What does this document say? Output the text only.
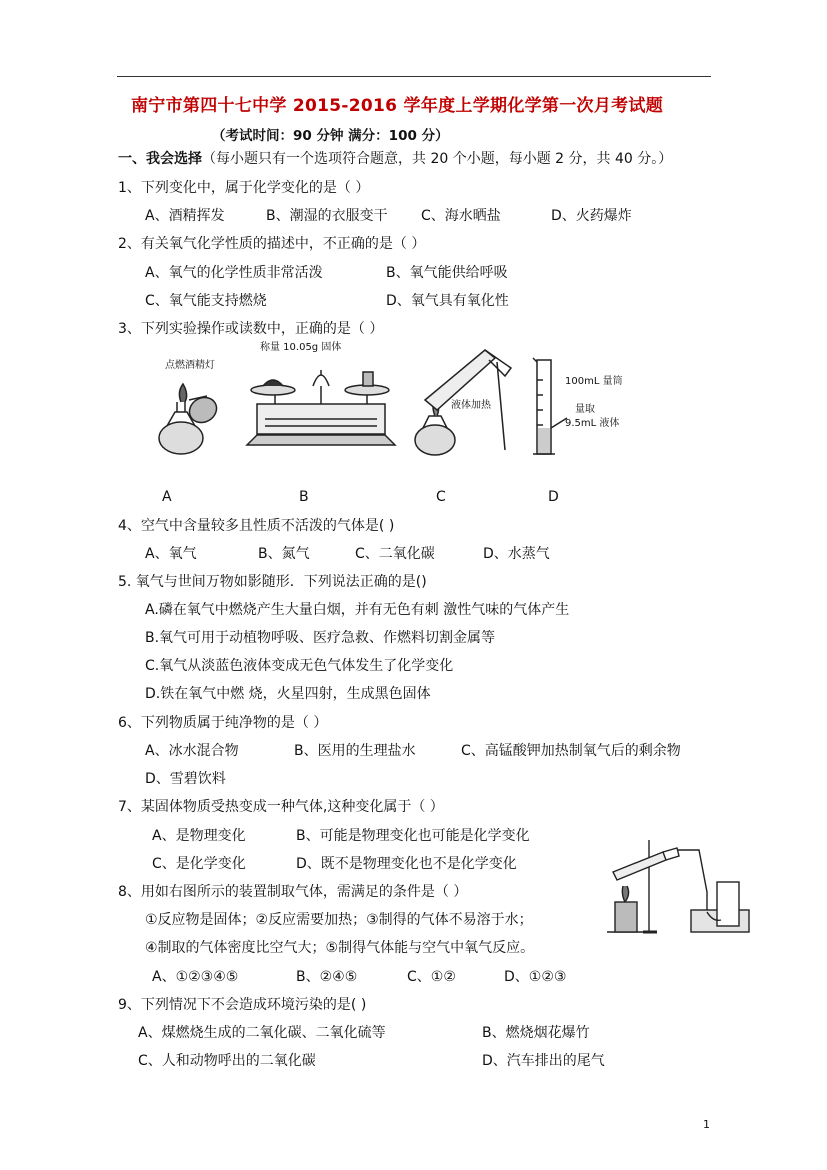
南宁市第四十七中学 2015-2016 学年度上学期化学第一次月考试题
（考试时间：90 分钟 满分：100 分）
一、我会选择（每小题只有一个选项符合题意，共 20 个小题，每小题 2 分，共 40 分。）
1、下列变化中，属于化学变化的是（ ）
A、酒精挥发	B、潮湿的衣服变干 C、海水晒盐	D、火药爆炸
2、有关氧气化学性质的描述中，不正确的是（ ）
A、氧气的化学性质非常活泼	B、氧气能供给呼吸
C、氧气能支持燃烧	D、氧气具有氧化性
3、下列实验操作或读数中，正确的是（ ）
点燃酒精灯
称量 10.05g 固体
液体加热
100mL 量筒
量取
9.5mL 液体
A	B	C	D
4、空气中含量较多且性质不活泼的气体是( )
A、氧气	B、氮气	C、二氧化碳	D、水蒸气
5. 氧气与世间万物如影随形．下列说法正确的是()
A.磷在氧气中燃烧产生大量白烟，并有无色有刺 激性气味的气体产生
B.氧气可用于动植物呼吸、医疗急救、作燃料切割金属等
C.氧气从淡蓝色液体变成无色气体发生了化学变化
D.铁在氧气中燃 烧，火星四射，生成黑色固体
6、下列物质属于纯净物的是（ ）
A、冰水混合物	B、医用的生理盐水	C、高锰酸钾加热制氧气后的剩余物
D、雪碧饮料
7、某固体物质受热变成一种气体,这种变化属于（ ）
A、是物理变化	B、可能是物理变化也可能是化学变化
C、是化学变化	D、既不是物理变化也不是化学变化
8、用如右图所示的装置制取气体，需满足的条件是（ ）
①反应物是固体；②反应需要加热；③制得的气体不易溶于水；
④制取的气体密度比空气大；⑤制得气体能与空气中氧气反应。
A、①②③④⑤	B、②④⑤	C、①②	D、①②③
9、下列情况下不会造成环境污染的是( )
A、煤燃烧生成的二氧化碳、二氧化硫等	B、燃烧烟花爆竹
C、人和动物呼出的二氧化碳	D、汽车排出的尾气
1
